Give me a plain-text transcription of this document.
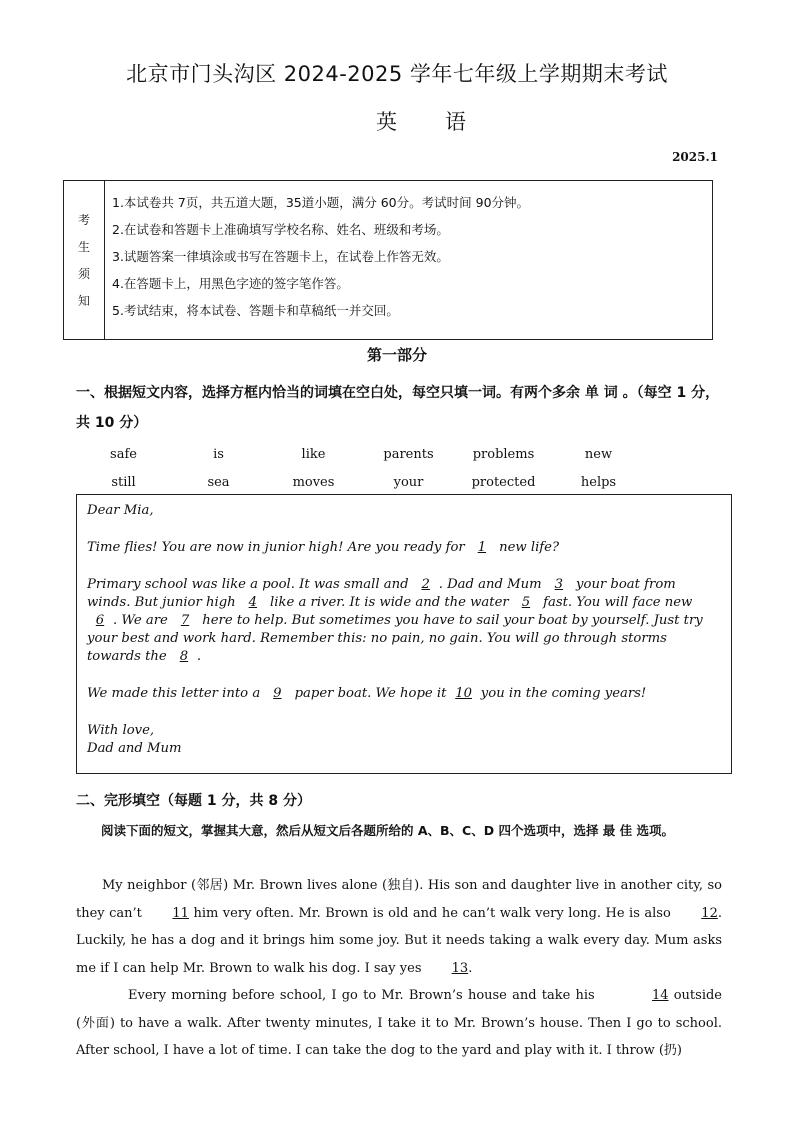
北京市门头沟区 2024-2025 学年七年级上学期期末考试
英语
2025.1
考
生
须
知
1.本试卷共 7页，共五道大题，35道小题，满分 60分。考试时间 90分钟。
2.在试卷和答题卡上准确填写学校名称、姓名、班级和考场。
3.试题答案一律填涂或书写在答题卡上，在试卷上作答无效。
4.在答题卡上，用黑色字迹的签字笔作答。
5.考试结束，将本试卷、答题卡和草稿纸一并交回。
第一部分
一、根据短文内容，选择方框内恰当的词填在空白处，每空只填一词。有两个多余 单 词 。（每空 1 分，共 10 分）
safe	is	like	parents	problems	new
still	sea	moves	your	protected	helps

Dear Mia,

Time flies! You are now in junior high! Are you ready for 1 new life?

Primary school was like a pool. It was small and 2 . Dad and Mum 3 your boat from winds. But junior high 4 like a river. It is wide and the water 5 fast. You will face new 6 . We are 7 here to help. But sometimes you have to sail your boat by yourself. Just try your best and work hard. Remember this: no pain, no gain. You will go through storms towards the 8 .

We made this letter into a 9 paper boat. We hope it 10 you in the coming years!

With love,

Dad and Mum

二、完形填空（每题 1 分，共 8 分）
阅读下面的短文，掌握其大意，然后从短文后各题所给的 A、B、C、D 四个选项中，选择 最 佳 选项。

My neighbor (邻居) Mr. Brown lives alone (独自). His son and daughter live in another city, so they can’t 11 him very often. Mr. Brown is old and he can’t walk very long. He is also 12. Luckily, he has a dog and it brings him some joy. But it needs taking a walk every day. Mum asks me if I can help Mr. Brown to walk his dog. I say yes 13.

Every morning before school, I go to Mr. Brown’s house and take his	14 outside (外面) to have a walk. After twenty minutes, I take it to Mr. Brown’s house. Then I go to school. After school, I have a lot of time. I can take the dog to the yard and play with it. I throw (扔)
